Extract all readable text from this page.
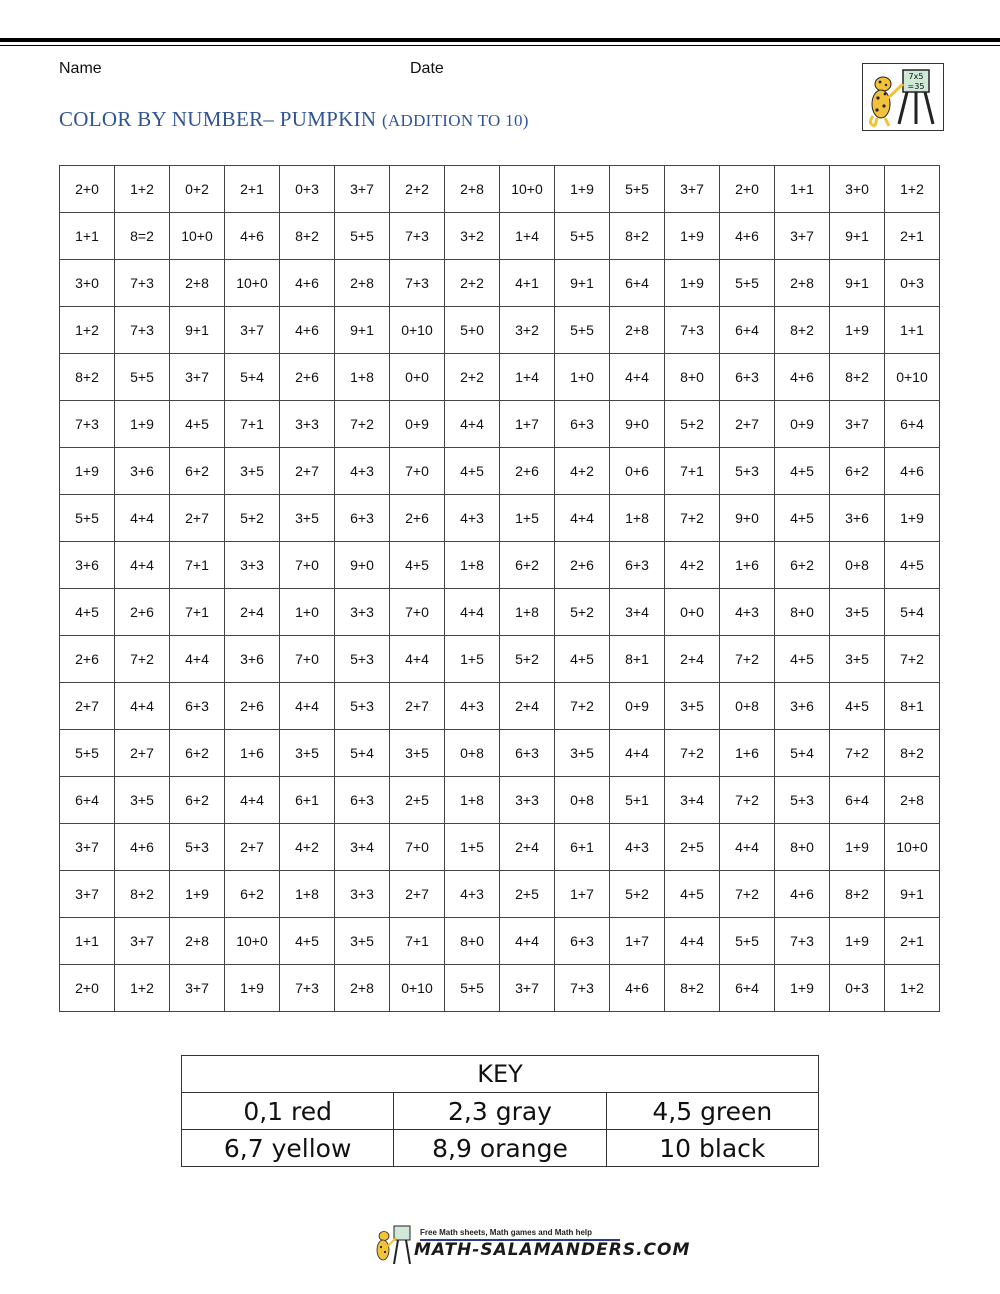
Name	Date
COLOR BY NUMBER– PUMPKIN (ADDITION TO 10)
7x5
=35
2+0	1+2	0+2	2+1	0+3	3+7	2+2	2+8	10+0	1+9	5+5	3+7	2+0	1+1	3+0	1+2
1+1	8=2	10+0	4+6	8+2	5+5	7+3	3+2	1+4	5+5	8+2	1+9	4+6	3+7	9+1	2+1
3+0	7+3	2+8	10+0	4+6	2+8	7+3	2+2	4+1	9+1	6+4	1+9	5+5	2+8	9+1	0+3
1+2	7+3	9+1	3+7	4+6	9+1	0+10	5+0	3+2	5+5	2+8	7+3	6+4	8+2	1+9	1+1
8+2	5+5	3+7	5+4	2+6	1+8	0+0	2+2	1+4	1+0	4+4	8+0	6+3	4+6	8+2	0+10
7+3	1+9	4+5	7+1	3+3	7+2	0+9	4+4	1+7	6+3	9+0	5+2	2+7	0+9	3+7	6+4
1+9	3+6	6+2	3+5	2+7	4+3	7+0	4+5	2+6	4+2	0+6	7+1	5+3	4+5	6+2	4+6
5+5	4+4	2+7	5+2	3+5	6+3	2+6	4+3	1+5	4+4	1+8	7+2	9+0	4+5	3+6	1+9
3+6	4+4	7+1	3+3	7+0	9+0	4+5	1+8	6+2	2+6	6+3	4+2	1+6	6+2	0+8	4+5
4+5	2+6	7+1	2+4	1+0	3+3	7+0	4+4	1+8	5+2	3+4	0+0	4+3	8+0	3+5	5+4
2+6	7+2	4+4	3+6	7+0	5+3	4+4	1+5	5+2	4+5	8+1	2+4	7+2	4+5	3+5	7+2
2+7	4+4	6+3	2+6	4+4	5+3	2+7	4+3	2+4	7+2	0+9	3+5	0+8	3+6	4+5	8+1
5+5	2+7	6+2	1+6	3+5	5+4	3+5	0+8	6+3	3+5	4+4	7+2	1+6	5+4	7+2	8+2
6+4	3+5	6+2	4+4	6+1	6+3	2+5	1+8	3+3	0+8	5+1	3+4	7+2	5+3	6+4	2+8
3+7	4+6	5+3	2+7	4+2	3+4	7+0	1+5	2+4	6+1	4+3	2+5	4+4	8+0	1+9	10+0
3+7	8+2	1+9	6+2	1+8	3+3	2+7	4+3	2+5	1+7	5+2	4+5	7+2	4+6	8+2	9+1
1+1	3+7	2+8	10+0	4+5	3+5	7+1	8+0	4+4	6+3	1+7	4+4	5+5	7+3	1+9	2+1
2+0	1+2	3+7	1+9	7+3	2+8	0+10	5+5	3+7	7+3	4+6	8+2	6+4	1+9	0+3	1+2
KEY		
0,1 red	2,3 gray	4,5 green
6,7 yellow	8,9 orange	10 black
Free Math sheets, Math games and Math help
MATH-SALAMANDERS.COM
